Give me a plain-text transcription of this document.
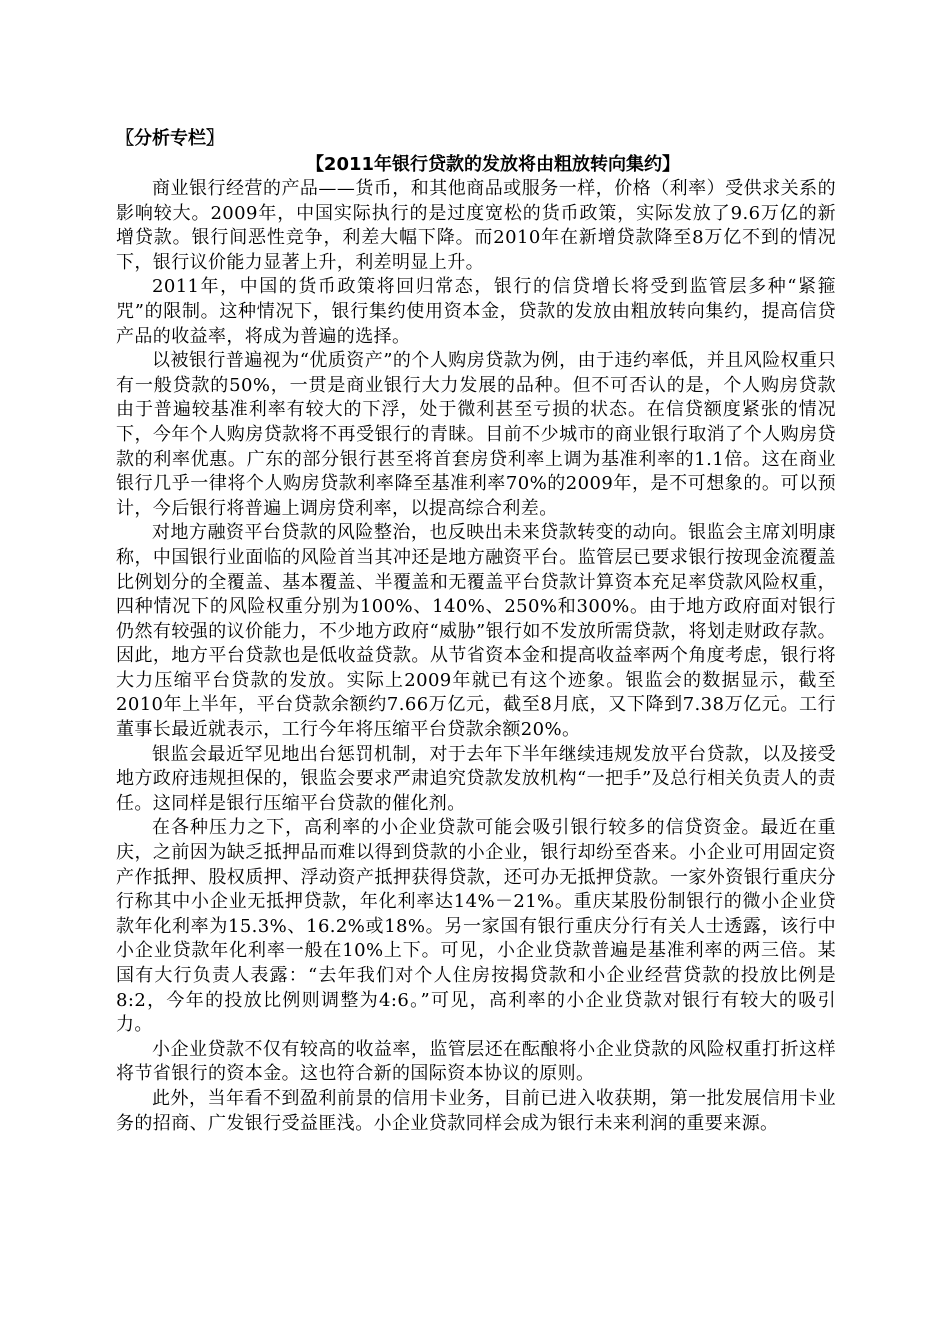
〖分析专栏〗
【2011年银行贷款的发放将由粗放转向集约】

商业银行经营的产品——货币，和其他商品或服务一样，价格（利率）受供求关系的影响较大。2009年，中国实际执行的是过度宽松的货币政策，实际发放了9.6万亿的新增贷款。银行间恶性竞争，利差大幅下降。而2010年在新增贷款降至8万亿不到的情况下，银行议价能力显著上升，利差明显上升。

2011年，中国的货币政策将回归常态，银行的信贷增长将受到监管层多种“紧箍咒”的限制。这种情况下，银行集约使用资本金，贷款的发放由粗放转向集约，提高信贷产品的收益率，将成为普遍的选择。

以被银行普遍视为“优质资产”的个人购房贷款为例，由于违约率低，并且风险权重只有一般贷款的50%，一贯是商业银行大力发展的品种。但不可否认的是，个人购房贷款由于普遍较基准利率有较大的下浮，处于微利甚至亏损的状态。在信贷额度紧张的情况下，今年个人购房贷款将不再受银行的青睐。目前不少城市的商业银行取消了个人购房贷款的利率优惠。广东的部分银行甚至将首套房贷利率上调为基准利率的1.1倍。这在商业银行几乎一律将个人购房贷款利率降至基准利率70%的2009年，是不可想象的。可以预计，今后银行将普遍上调房贷利率，以提高综合利差。

对地方融资平台贷款的风险整治，也反映出未来贷款转变的动向。银监会主席刘明康称，中国银行业面临的风险首当其冲还是地方融资平台。监管层已要求银行按现金流覆盖比例划分的全覆盖、基本覆盖、半覆盖和无覆盖平台贷款计算资本充足率贷款风险权重，四种情况下的风险权重分别为100%、140%、250%和300%。由于地方政府面对银行仍然有较强的议价能力，不少地方政府“威胁”银行如不发放所需贷款，将划走财政存款。因此，地方平台贷款也是低收益贷款。从节省资本金和提高收益率两个角度考虑，银行将大力压缩平台贷款的发放。实际上2009年就已有这个迹象。银监会的数据显示，截至2010年上半年，平台贷款余额约7.66万亿元，截至8月底，又下降到7.38万亿元。工行董事长最近就表示，工行今年将压缩平台贷款余额20%。

银监会最近罕见地出台惩罚机制，对于去年下半年继续违规发放平台贷款，以及接受地方政府违规担保的，银监会要求严肃追究贷款发放机构“一把手”及总行相关负责人的责任。这同样是银行压缩平台贷款的催化剂。

在各种压力之下，高利率的小企业贷款可能会吸引银行较多的信贷资金。最近在重庆，之前因为缺乏抵押品而难以得到贷款的小企业，银行却纷至沓来。小企业可用固定资产作抵押、股权质押、浮动资产抵押获得贷款，还可办无抵押贷款。一家外资银行重庆分行称其中小企业无抵押贷款，年化利率达14%－21%。重庆某股份制银行的微小企业贷款年化利率为15.3%、16.2%或18%。另一家国有银行重庆分行有关人士透露，该行中小企业贷款年化利率一般在10%上下。可见，小企业贷款普遍是基准利率的两三倍。某国有大行负责人表露：“去年我们对个人住房按揭贷款和小企业经营贷款的投放比例是8:2，今年的投放比例则调整为4:6。”可见，高利率的小企业贷款对银行有较大的吸引力。

小企业贷款不仅有较高的收益率，监管层还在酝酿将小企业贷款的风险权重打折这样将节省银行的资本金。这也符合新的国际资本协议的原则。

此外，当年看不到盈利前景的信用卡业务，目前已进入收获期，第一批发展信用卡业务的招商、广发银行受益匪浅。小企业贷款同样会成为银行未来利润的重要来源。
